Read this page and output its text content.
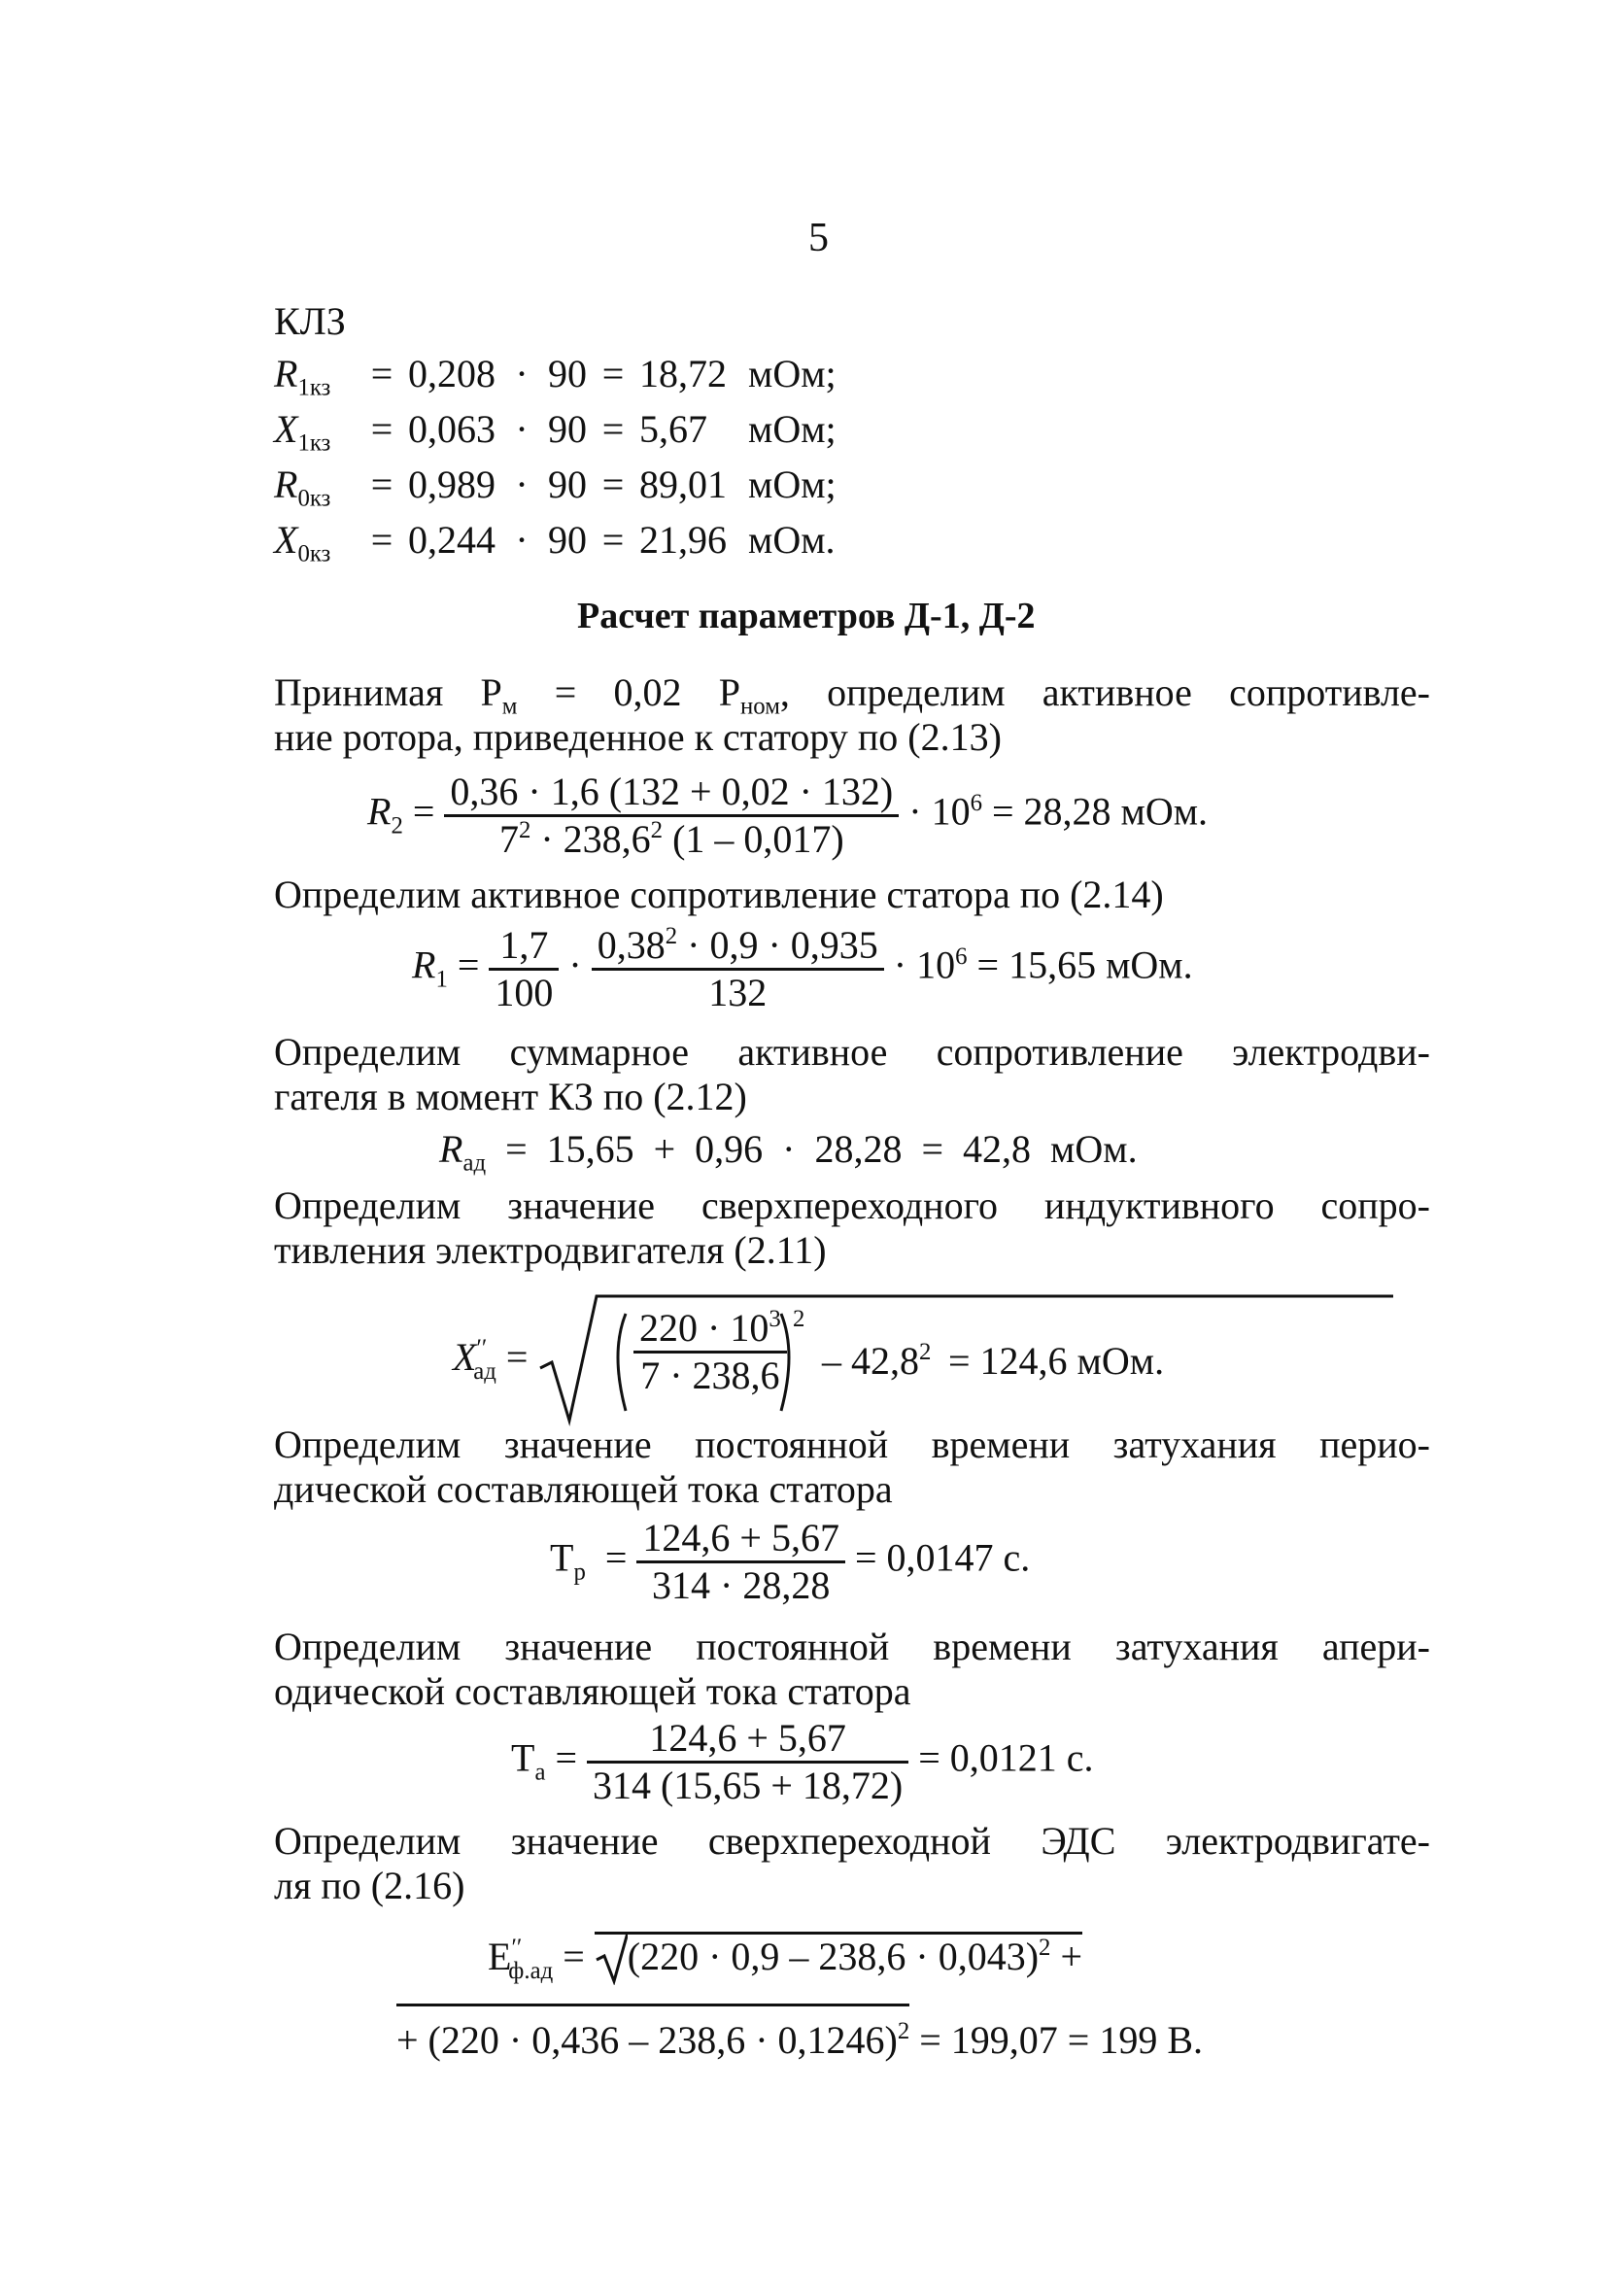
5
КЛЗ
$R_{1кз} = 0,208 \cdot 90 = 18,72$ мОм;
$X_{1кз} = 0,063 \cdot 90 = 5,67$ мОм;
$R_{0кз} = 0,989 \cdot 90 = 89,01$ мОм;
$X_{0кз} = 0,244 \cdot 90 = 21,96$ мОм.
Расчет параметров Д-1, Д-2
Принимая $Р_м = 0,02$ $Р_{ном}$, определим активное сопротивле-
ние ротора, приведенное к статору по (2.13)
$R_2 = \frac{0,36 \cdot 1,6 (132 + 0,02 \cdot 132)}{7^2 \cdot 238,6^2 (1 - 0,017)} \cdot 10^6 = 28,28$ мОм.
Определим активное сопротивление статора по (2.14)
$R_1 = \frac{1,7}{100} \cdot \frac{0,38^2 \cdot 0,9 \cdot 0,935}{132} \cdot 10^6 = 15,65$ мОм.
Определим суммарное активное сопротивление электродви-
гателя в момент КЗ по (2.12)
$R_{ад} = 15,65 + 0,96 \cdot 28,28 = 42,8$  мОм.
Определим значение сверхпереходного индуктивного сопро-
тивления электродвигателя (2.11)
$X''_{ад}$ =	$\frac{220 \cdot 10^3}{7 \cdot 238,6} 2$
– $42,8^2 = 124,6$ мОм.
Определим значение постоянной времени затухания перио-
дической составляющей тока статора
$T_р = \frac{124,6 + 5,67}{314 \cdot 28,28} = 0,0147$ с.
Определим значение постоянной времени затухания апери-
одической составляющей тока статора
$T_а = \frac{124,6 + 5,67}{314 (15,65 + 18,72)} = 0,0121$ с.
Определим значение сверхпереходной ЭДС электродвигате-
ля по (2.16)
$E''_{ф.ад}$ =
$(220 \cdot 0,9 - 238,6 \cdot 0,043)^2$ +
+ $(220 \cdot 0,436 - 238,6 \cdot 0,1246)^2 = 199,07 = 199$ В.
